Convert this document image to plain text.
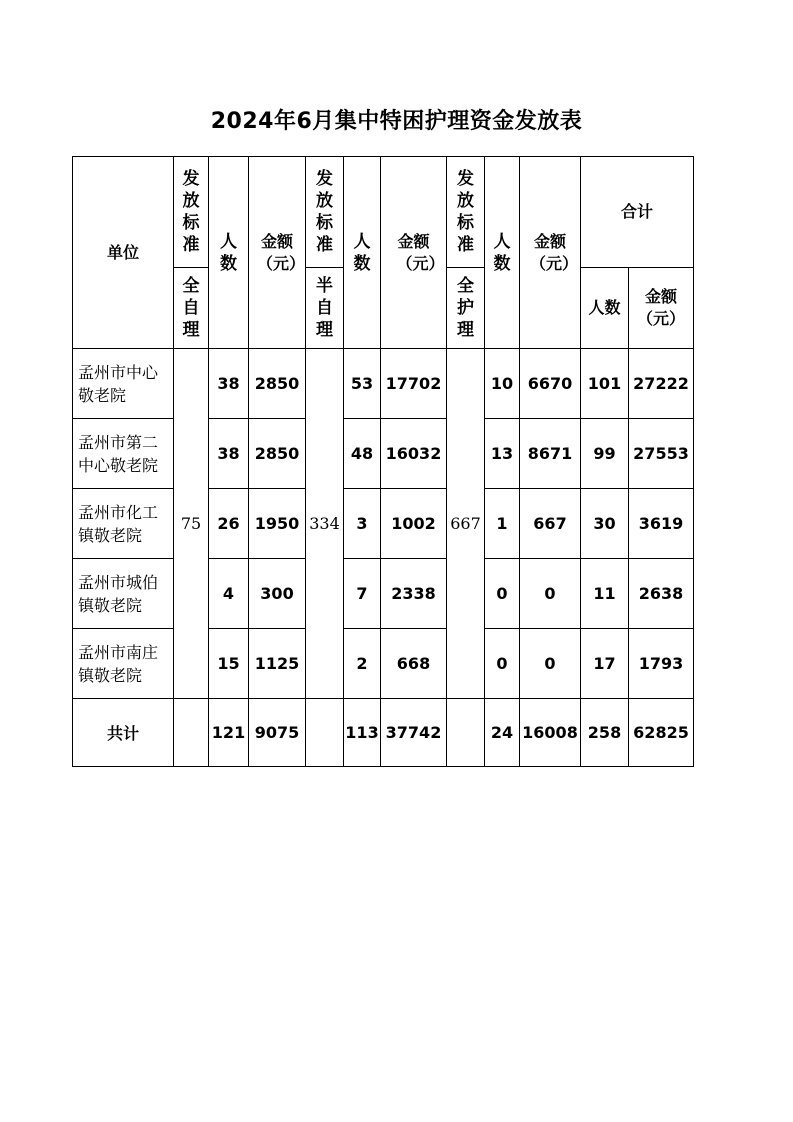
2024年6月集中特困护理资金发放表
单位	发放标准	人数	金额（元）	发放标准	人数	金额（元）	发放标准	人数	金额（元）	合计	
	全自理			半自理			全护理			人数	金额（元）

孟州市中心敬老院	75	38	2850	334	53	17702	667	10	6670	101	27222
孟州市第二中心敬老院		38	2850		48	16032		13	8671	99	27553
孟州市化工镇敬老院		26	1950		3	1002		1	667	30	3619
孟州市城伯镇敬老院		4	300		7	2338		0	0	11	2638
孟州市南庄镇敬老院		15	1125		2	668		0	0	17	1793
共计		121	9075		113	37742		24	16008	258	62825
